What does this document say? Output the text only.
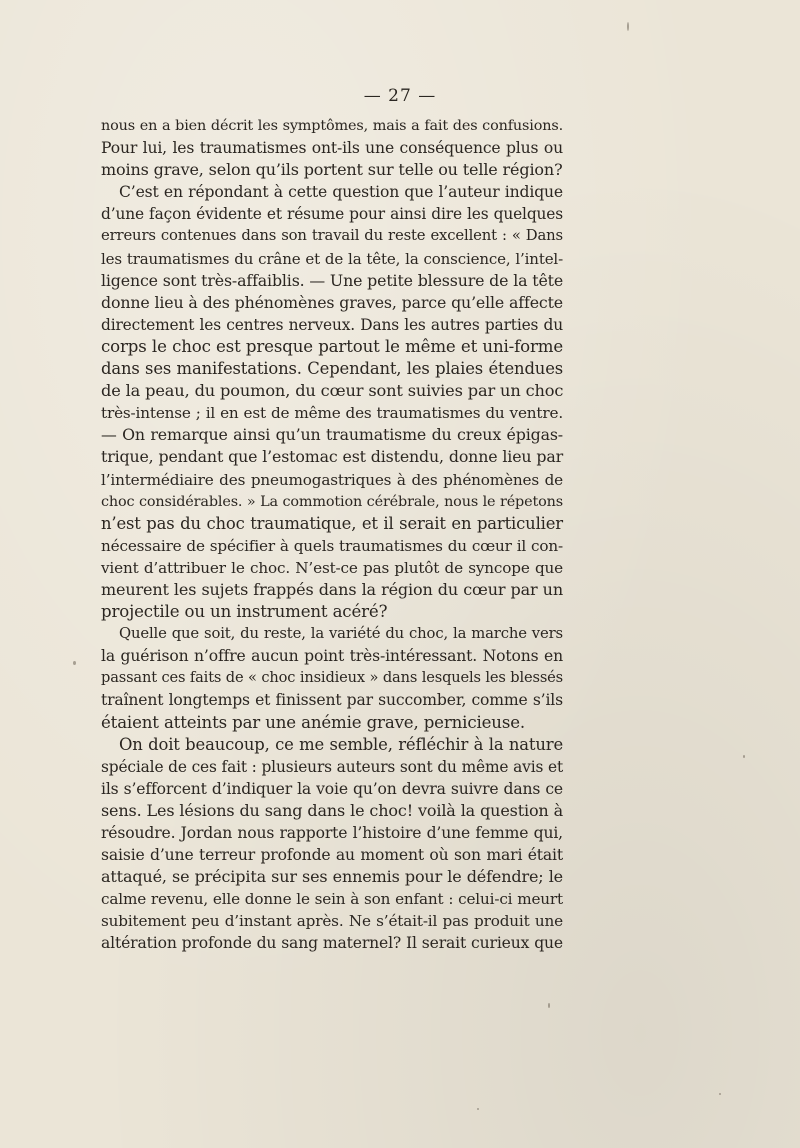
— 27 —
nous en a bien décrit les symptômes, mais a fait des confusions.
Pour lui, les traumatismes ont-ils une conséquence plus ou
moins grave, selon qu’ils portent sur telle ou telle région?
C’est en répondant à cette question que l’auteur indique
d’une façon évidente et résume pour ainsi dire les quelques
erreurs contenues dans son travail du reste excellent : « Dans
les traumatismes du crâne et de la tête, la conscience, l’intel-
ligence sont très-affaiblis. — Une petite blessure de la tête
donne lieu à des phénomènes graves, parce qu’elle affecte
directement les centres nerveux. Dans les autres parties du
corps le choc est presque partout le même et uni-forme
dans ses manifestations. Cependant, les plaies étendues
de la peau, du poumon, du cœur sont suivies par un choc
très-intense ; il en est de même des traumatismes du ventre.
— On remarque ainsi qu’un traumatisme du creux épigas-
trique, pendant que l’estomac est distendu, donne lieu par
l’intermédiaire des pneumogastriques à des phénomènes de
choc considérables. » La commotion cérébrale, nous le répetons
n’est pas du choc traumatique, et il serait en particulier
nécessaire de spécifier à quels traumatismes du cœur il con-
vient d’attribuer le choc. N’est-ce pas plutôt de syncope que
meurent les sujets frappés dans la région du cœur par un
projectile ou un instrument acéré?
Quelle que soit, du reste, la variété du choc, la marche vers
la guérison n’offre aucun point très-intéressant. Notons en
passant ces faits de « choc insidieux » dans lesquels les blessés
traînent longtemps et finissent par succomber, comme s’ils
étaient atteints par une anémie grave, pernicieuse.
On doit beaucoup, ce me semble, réfléchir à la nature
spéciale de ces fait : plusieurs auteurs sont du même avis et
ils s’efforcent d’indiquer la voie qu’on devra suivre dans ce
sens. Les lésions du sang dans le choc! voilà la question à
résoudre. Jordan nous rapporte l’histoire d’une femme qui,
saisie d’une terreur profonde au moment où son mari était
attaqué, se précipita sur ses ennemis pour le défendre; le
calme revenu, elle donne le sein à son enfant : celui-ci meurt
subitement peu d’instant après. Ne s’était-il pas produit une
altération profonde du sang maternel? Il serait curieux que
